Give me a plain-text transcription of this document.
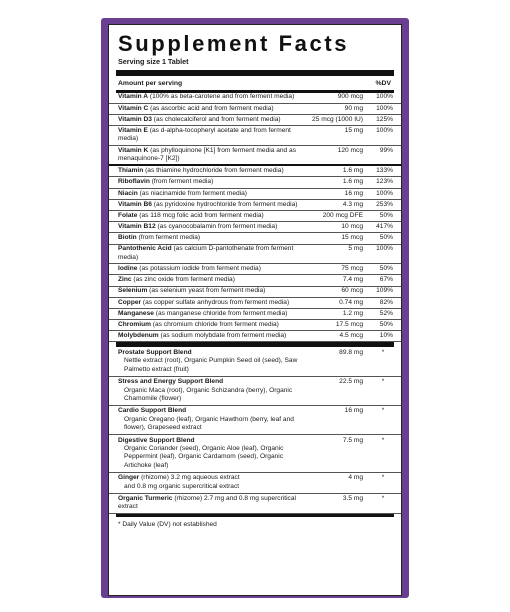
Supplement Facts
Serving size 1 Tablet
Amount per serving	%DV
Vitamin A (100% as beta-carotene and from ferment media)	900 mcg	100%
Vitamin C (as ascorbic acid and from ferment media)	90 mg	100%
Vitamin D3 (as cholecalciferol and from ferment media)	25 mcg (1000 IU)	125%
Vitamin E (as d-alpha-tocopheryl acetate and from ferment media)
15 mg	100%
Vitamin K (as phylloquinone [K1] from ferment media and as menaquinone-7 [K2])
120 mcg	99%
Thiamin (as thiamine hydrochloride from ferment media)	1.6 mg	133%
Riboflavin (from ferment media)	1.6 mg	123%
Niacin (as niacinamide from ferment media)	16 mg	100%
Vitamin B6 (as pyridoxine hydrochloride from ferment media)	4.3 mg	253%
Folate (as 118 mcg folic acid from ferment media)	200 mcg DFE	50%
Vitamin B12 (as cyanocobalamin from ferment media)	10 mcg	417%
Biotin (from ferment media)	15 mcg	50%
Pantothenic Acid (as calcium D-pantothenate from ferment media)
5 mg	100%
Iodine (as potassium iodide from ferment media)	75 mcg	50%
Zinc (as zinc oxide from ferment media)	7.4 mg	67%
Selenium (as selenium yeast from ferment media)	60 mcg	109%
Copper (as copper sulfate anhydrous from ferment media)	0.74 mg	82%
Manganese (as manganese chloride from ferment media)	1.2 mg	52%
Chromium (as chromium chloride from ferment media)	17.5 mcg	50%
Molybdenum (as sodium molybdate from ferment media)	4.5 mcg	10%
Prostate Support Blend
Nettle extract (root), Organic Pumpkin Seed oil (seed), Saw Palmetto extract (fruit)
89.8 mg	*
Stress and Energy Support Blend
Organic Maca (root), Organic Schizandra (berry), Organic Chamomile (flower)
22.5 mg	*
Cardio Support Blend
Organic Oregano (leaf), Organic Hawthorn (berry, leaf and flower), Grapeseed extract
16 mg	*
Digestive Support Blend
Organic Coriander (seed), Organic Aloe (leaf), Organic Peppermint (leaf), Organic Cardamom (seed), Organic Artichoke (leaf)
7.5 mg	*
Ginger (rhizome) 3.2 mg aqueous extract
and 0.8 mg organic supercritical extract
4 mg	*
Organic Turmeric (rhizome) 2.7 mg and 0.8 mg supercritical extract
3.5 mg	*
* Daily Value (DV) not established
